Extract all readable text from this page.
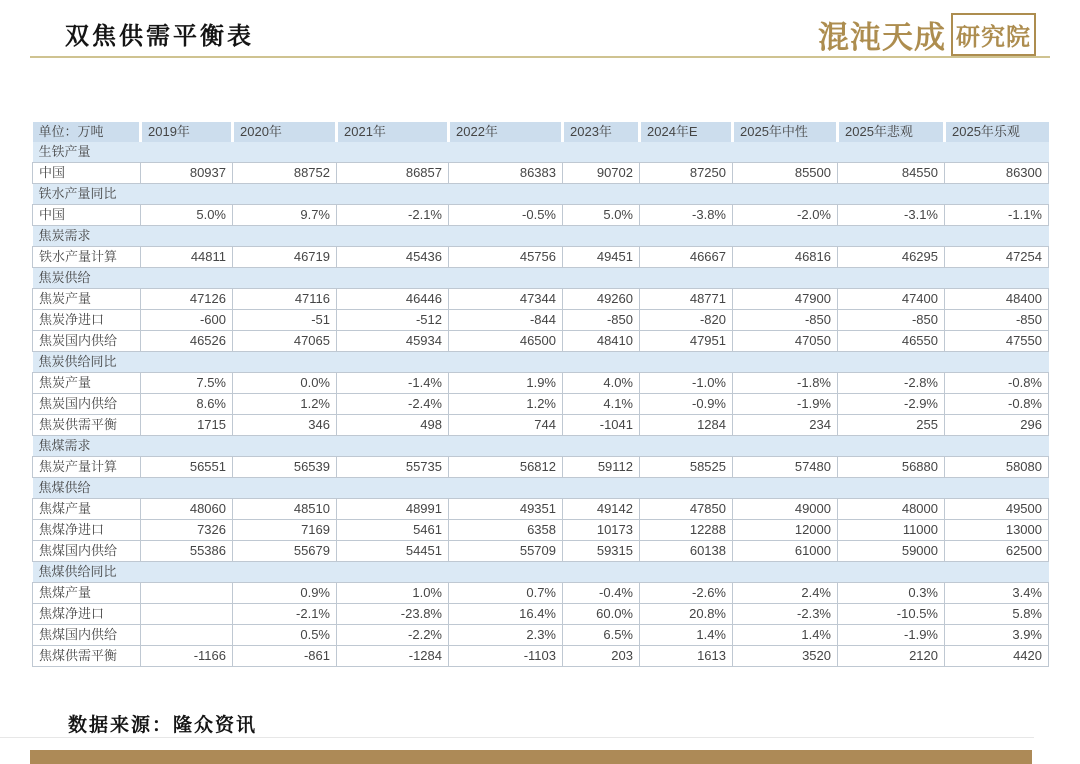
双焦供需平衡表	混沌天成 研究院
单位：万吨	2019年	2020年	2021年	2022年	2023年	2024年E	2025年中性	2025年悲观	2025年乐观
生铁产量									
中国	80937	88752	86857	86383	90702	87250	85500	84550	86300
铁水产量同比									
中国	5.0%	9.7%	-2.1%	-0.5%	5.0%	-3.8%	-2.0%	-3.1%	-1.1%
焦炭需求									
铁水产量计算	44811	46719	45436	45756	49451	46667	46816	46295	47254
焦炭供给									
焦炭产量	47126	47116	46446	47344	49260	48771	47900	47400	48400
焦炭净进口	-600	-51	-512	-844	-850	-820	-850	-850	-850
焦炭国内供给	46526	47065	45934	46500	48410	47951	47050	46550	47550
焦炭供给同比									
焦炭产量	7.5%	0.0%	-1.4%	1.9%	4.0%	-1.0%	-1.8%	-2.8%	-0.8%
焦炭国内供给	8.6%	1.2%	-2.4%	1.2%	4.1%	-0.9%	-1.9%	-2.9%	-0.8%
焦炭供需平衡	1715	346	498	744	-1041	1284	234	255	296
焦煤需求									
焦炭产量计算	56551	56539	55735	56812	59112	58525	57480	56880	58080
焦煤供给									
焦煤产量	48060	48510	48991	49351	49142	47850	49000	48000	49500
焦煤净进口	7326	7169	5461	6358	10173	12288	12000	11000	13000
焦煤国内供给	55386	55679	54451	55709	59315	60138	61000	59000	62500
焦煤供给同比									
焦煤产量		0.9%	1.0%	0.7%	-0.4%	-2.6%	2.4%	0.3%	3.4%
焦煤净进口		-2.1%	-23.8%	16.4%	60.0%	20.8%	-2.3%	-10.5%	5.8%
焦煤国内供给		0.5%	-2.2%	2.3%	6.5%	1.4%	1.4%	-1.9%	3.9%
焦煤供需平衡	-1166	-861	-1284	-1103	203	1613	3520	2120	4420
数据来源：隆众资讯
